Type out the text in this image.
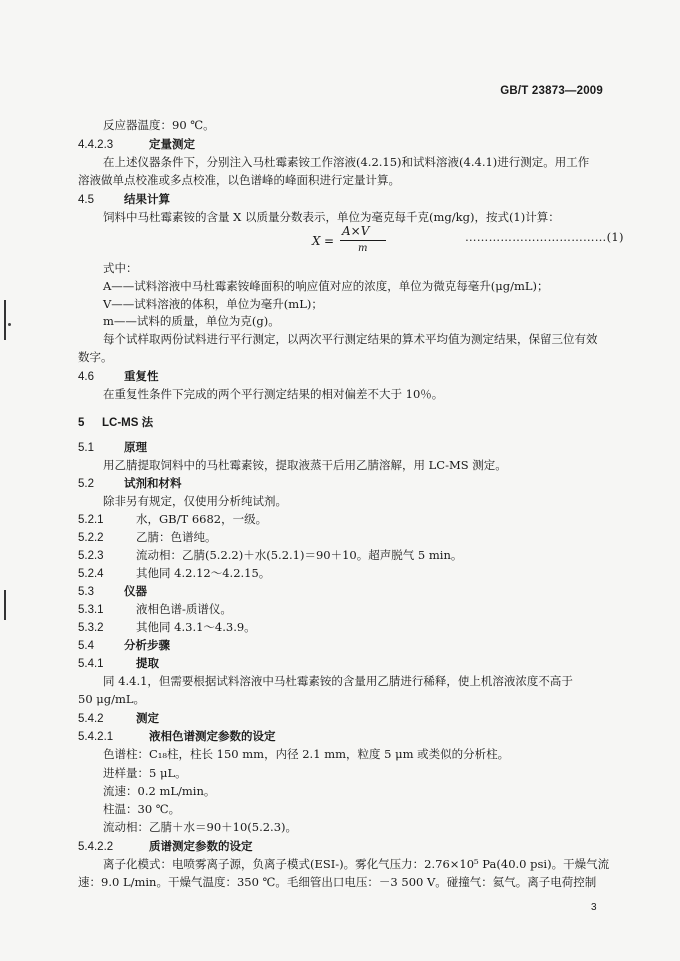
GB/T 23873—2009
反应器温度：90 ℃。
4.4.2.3	定量测定
在上述仪器条件下，分别注入马杜霉素铵工作溶液(4.2.15)和试料溶液(4.4.1)进行测定。用工作
溶液做单点校准或多点校准，以色谱峰的峰面积进行定量计算。
4.5	结果计算
饲料中马杜霉素铵的含量 X 以质量分数表示，单位为毫克每千克(mg/kg)，按式(1)计算：
X =
A×V
m
………………………………(1)
式中：
A——试料溶液中马杜霉素铵峰面积的响应值对应的浓度，单位为微克每毫升(μg/mL)；
V——试料溶液的体积，单位为毫升(mL)；
m——试料的质量，单位为克(g)。
每个试样取两份试料进行平行测定，以两次平行测定结果的算术平均值为测定结果，保留三位有效
数字。
4.6	重复性
在重复性条件下完成的两个平行测定结果的相对偏差不大于 10％。
5 LC-MS 法
5.1	原理
用乙腈提取饲料中的马杜霉素铵，提取液蒸干后用乙腈溶解，用 LC-MS 测定。
5.2	试剂和材料
除非另有规定，仅使用分析纯试剂。
5.2.1	水，GB/T 6682，一级。
5.2.2	乙腈：色谱纯。
5.2.3	流动相：乙腈(5.2.2)＋水(5.2.1)＝90＋10。超声脱气 5 min。
5.2.4	其他同 4.2.12～4.2.15。
5.3	仪器
5.3.1	液相色谱-质谱仪。
5.3.2	其他同 4.3.1～4.3.9。
5.4	分析步骤
5.4.1	提取
同 4.4.1，但需要根据试料溶液中马杜霉素铵的含量用乙腈进行稀释，使上机溶液浓度不高于
50 μg/mL。
5.4.2	测定
5.4.2.1	液相色谱测定参数的设定
色谱柱：C₁₈柱，柱长 150 mm，内径 2.1 mm，粒度 5 μm 或类似的分析柱。
进样量：5 μL。
流速：0.2 mL/min。
柱温：30 ℃。
流动相：乙腈＋水＝90＋10(5.2.3)。
5.4.2.2	质谱测定参数的设定
离子化模式：电喷雾离子源，负离子模式(ESI-)。雾化气压力：2.76×10⁵ Pa(40.0 psi)。干燥气流
速：9.0 L/min。干燥气温度：350 ℃。毛细管出口电压：－3 500 V。碰撞气：氦气。离子电荷控制
3
